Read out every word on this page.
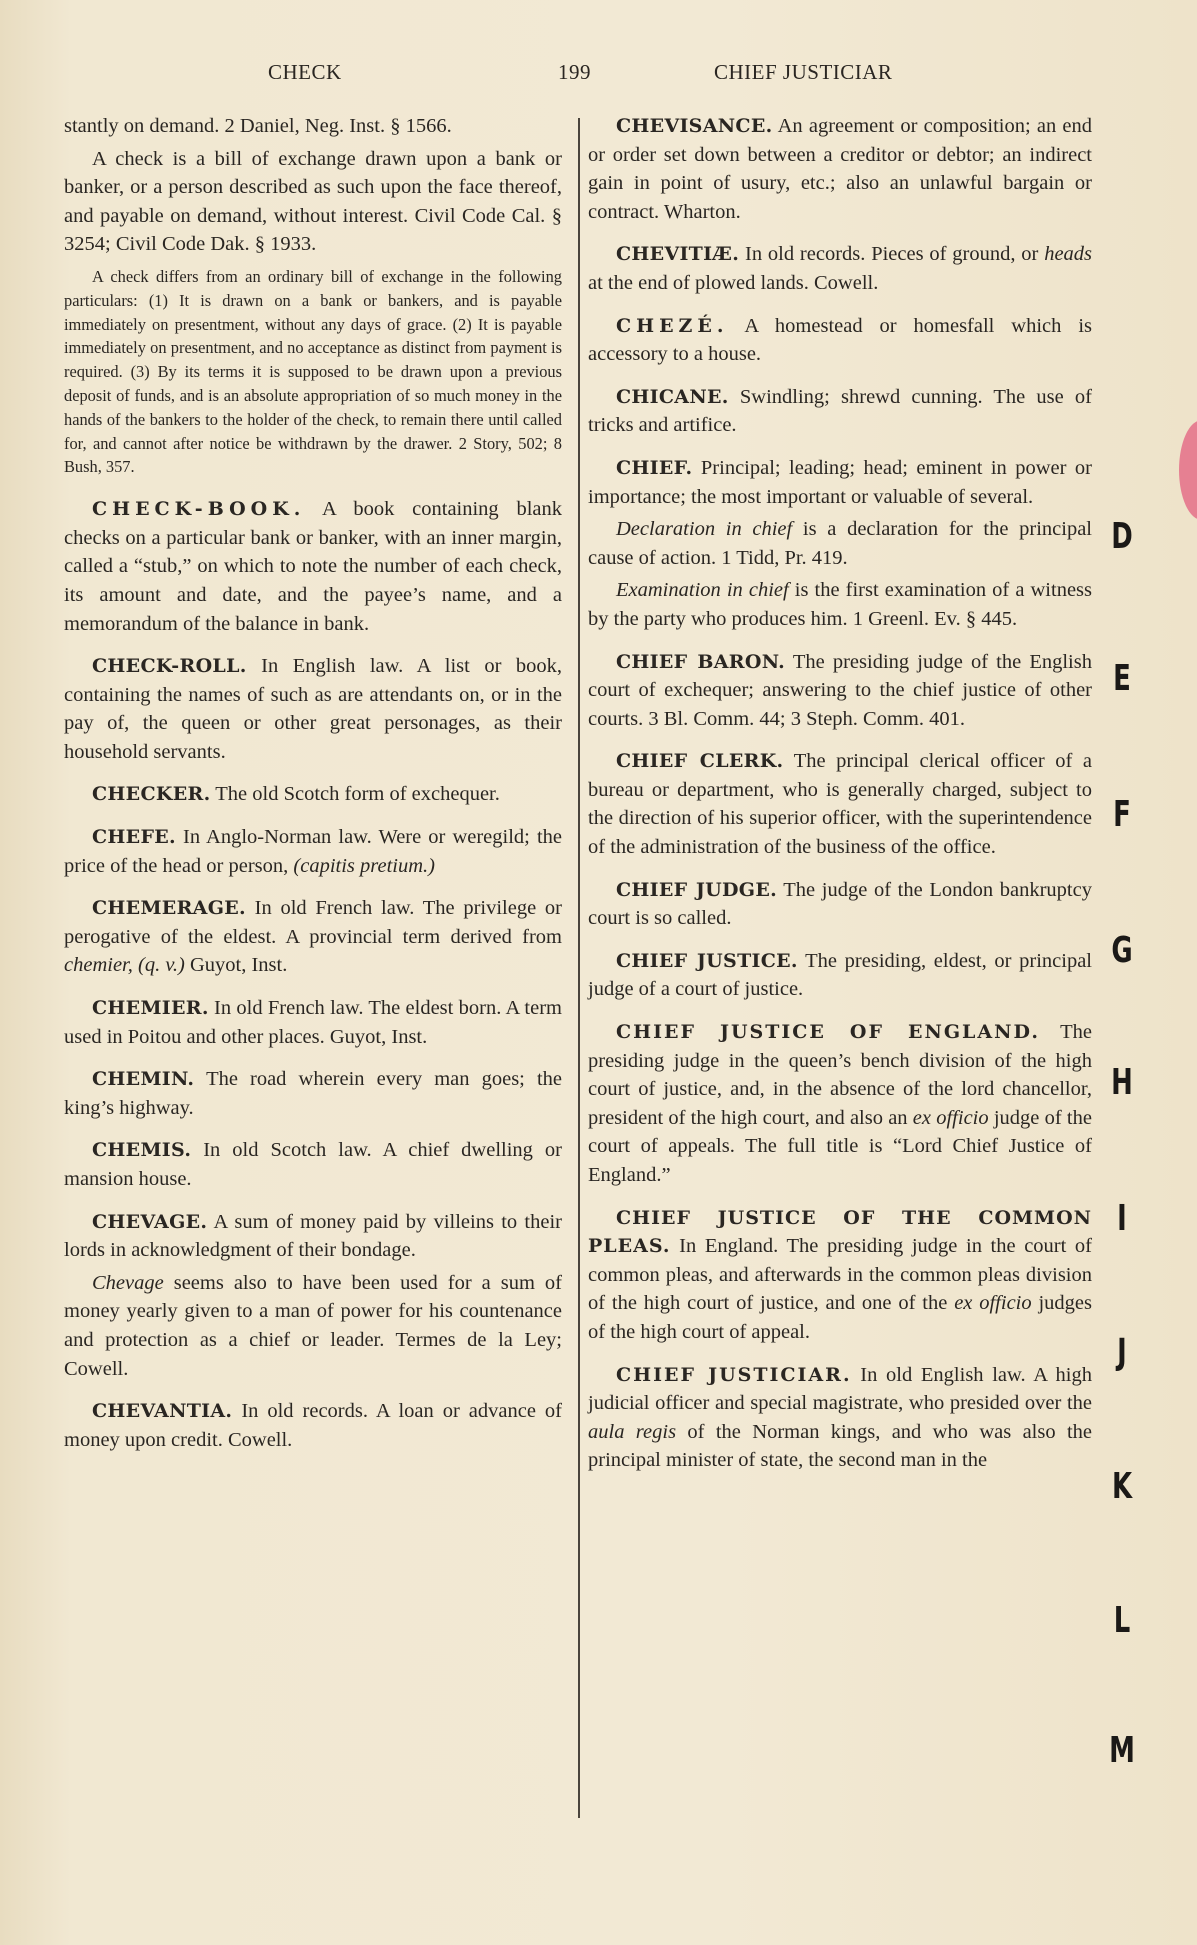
CHECK	199	CHIEF JUSTICIAR

stantly on demand. 2 Daniel, Neg. Inst. § 1566.

A check is a bill of exchange drawn upon a bank or banker, or a person described as such upon the face thereof, and payable on demand, without interest. Civil Code Cal. § 3254; Civil Code Dak. § 1933.

A check differs from an ordinary bill of exchange in the following particulars: (1) It is drawn on a bank or bankers, and is payable immediately on presentment, without any days of grace. (2) It is payable immediately on presentment, and no acceptance as distinct from payment is required. (3) By its terms it is supposed to be drawn upon a previous deposit of funds, and is an absolute appropriation of so much money in the hands of the bankers to the holder of the check, to remain there until called for, and cannot after notice be withdrawn by the drawer. 2 Story, 502; 8 Bush, 357.

CHECK-BOOK. A book containing blank checks on a particular bank or banker, with an inner margin, called a “stub,” on which to note the number of each check, its amount and date, and the payee’s name, and a memorandum of the balance in bank.

CHECK-ROLL. In English law. A list or book, containing the names of such as are attendants on, or in the pay of, the queen or other great personages, as their household servants.

CHECKER. The old Scotch form of exchequer.

CHEFE. In Anglo-Norman law. Were or weregild; the price of the head or person, (capitis pretium.)

CHEMERAGE. In old French law. The privilege or perogative of the eldest. A provincial term derived from chemier, (q. v.) Guyot, Inst.

CHEMIER. In old French law. The eldest born. A term used in Poitou and other places. Guyot, Inst.

CHEMIN. The road wherein every man goes; the king’s highway.

CHEMIS. In old Scotch law. A chief dwelling or mansion house.

CHEVAGE. A sum of money paid by villeins to their lords in acknowledgment of their bondage.

Chevage seems also to have been used for a sum of money yearly given to a man of power for his countenance and protection as a chief or leader. Termes de la Ley; Cowell.

CHEVANTIA. In old records. A loan or advance of money upon credit. Cowell.

CHEVISANCE. An agreement or composition; an end or order set down between a creditor or debtor; an indirect gain in point of usury, etc.; also an unlawful bargain or contract. Wharton.

CHEVITIÆ. In old records. Pieces of ground, or heads at the end of plowed lands. Cowell.

CHEZÉ. A homestead or homesfall which is accessory to a house.

CHICANE. Swindling; shrewd cunning. The use of tricks and artifice.

CHIEF. Principal; leading; head; eminent in power or importance; the most important or valuable of several.

Declaration in chief is a declaration for the principal cause of action. 1 Tidd, Pr. 419.

Examination in chief is the first examination of a witness by the party who produces him. 1 Greenl. Ev. § 445.

CHIEF BARON. The presiding judge of the English court of exchequer; answering to the chief justice of other courts. 3 Bl. Comm. 44; 3 Steph. Comm. 401.

CHIEF CLERK. The principal clerical officer of a bureau or department, who is generally charged, subject to the direction of his superior officer, with the superintendence of the administration of the business of the office.

CHIEF JUDGE. The judge of the London bankruptcy court is so called.

CHIEF JUSTICE. The presiding, eldest, or principal judge of a court of justice.

CHIEF JUSTICE OF ENGLAND. The presiding judge in the queen’s bench division of the high court of justice, and, in the absence of the lord chancellor, president of the high court, and also an ex officio judge of the court of appeals. The full title is “Lord Chief Justice of England.”

CHIEF JUSTICE OF THE COMMON PLEAS. In England. The presiding judge in the court of common pleas, and afterwards in the common pleas division of the high court of justice, and one of the ex officio judges of the high court of appeal.

CHIEF JUSTICIAR. In old English law. A high judicial officer and special magistrate, who presided over the aula regis of the Norman kings, and who was also the principal minister of state, the second man in the

D
E
F
G
H
I
J
K
L
M
